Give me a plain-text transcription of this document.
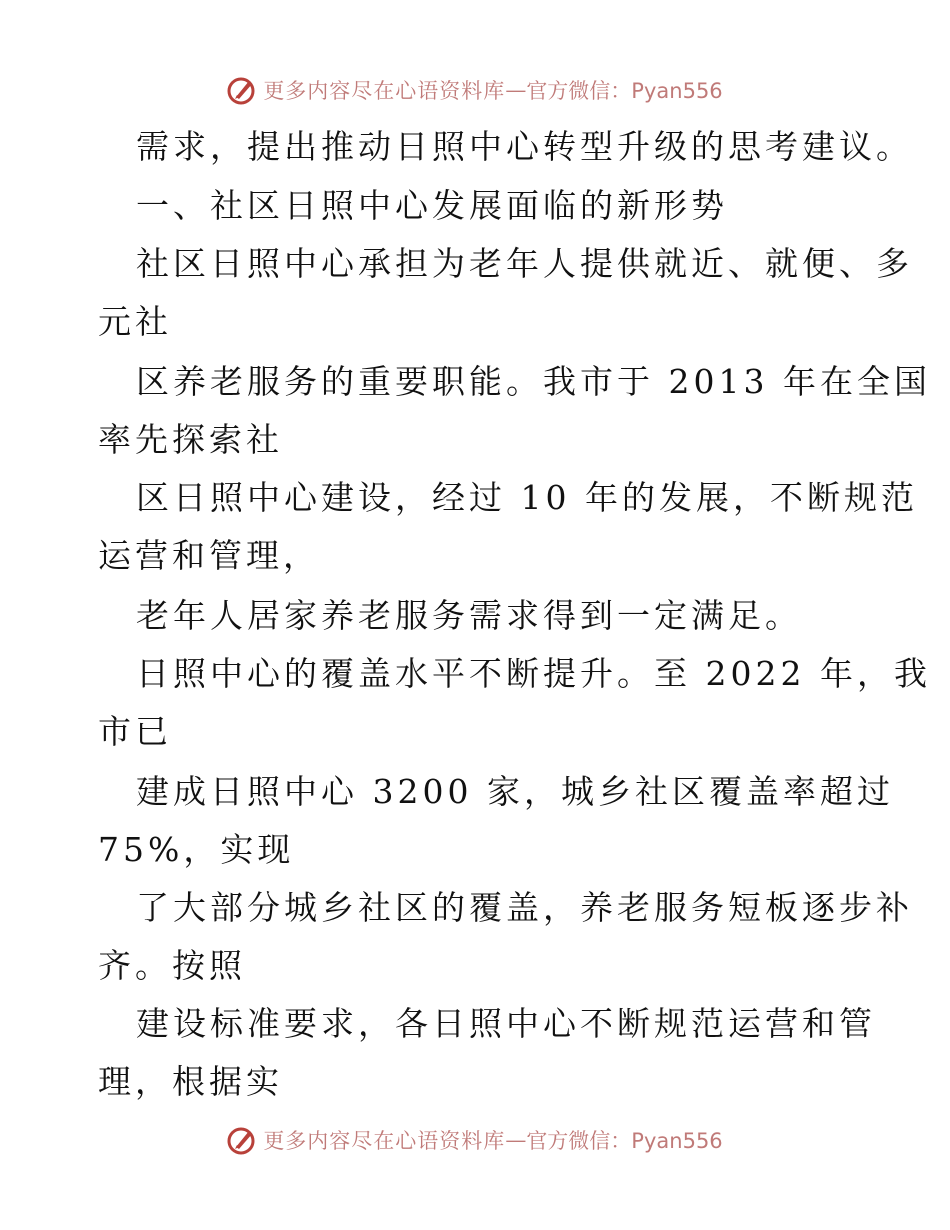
更多内容尽在心语资料库 — 官方微信：Pyan556
需求，提出推动日照中心转型升级的思考建议。
一、社区日照中心发展面临的新形势
社区日照中心承担为老年人提供就近、就便、多
元社
区养老服务的重要职能。我市于 2013 年在全国
率先探索社
区日照中心建设，经过 10 年的发展，不断规范
运营和管理，
老年人居家养老服务需求得到一定满足。
日照中心的覆盖水平不断提升。至 2022 年，我
市已
建成日照中心 3200 家，城乡社区覆盖率超过
75%，实现
了大部分城乡社区的覆盖，养老服务短板逐步补
齐。按照
建设标准要求，各日照中心不断规范运营和管
理，根据实
更多内容尽在心语资料库 — 官方微信：Pyan556
